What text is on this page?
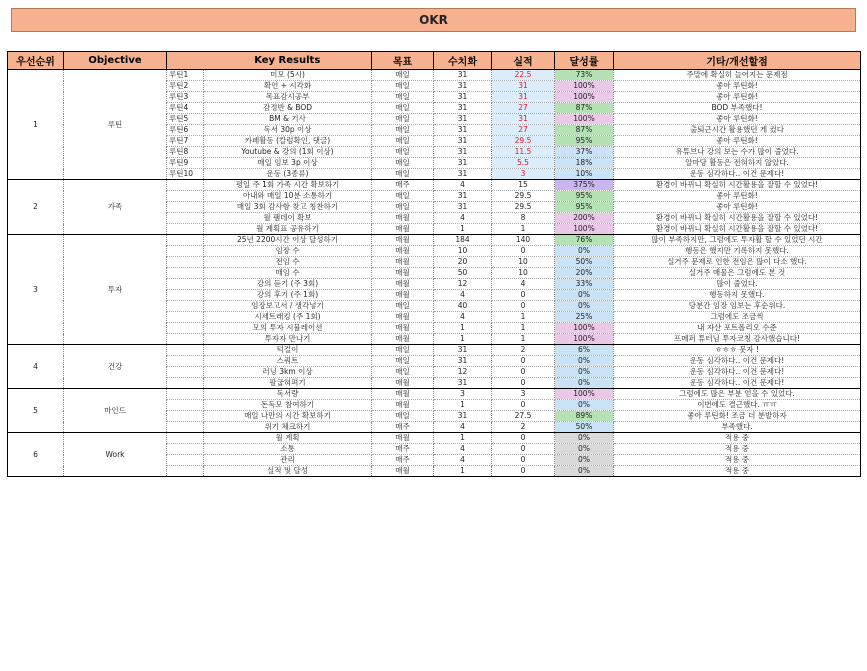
OKR
우선순위	Objective		Key Results	목표	수치화	실적	달성률	기타/개선할점
1	루틴	루틴1	미모 (5시)	매일	31	22.5	73%	주말에 확실히 늘어지는 문제점
		루틴2	확언 + 시각화	매일	31	31	100%	좋아 루틴화!
		루틴3	목표감시공부	매일	31	31	100%	좋아 루틴화!
		루틴4	감정반 & BOD	매일	31	27	87%	BOD 부족했다!
		루틴5	BM & 기사	매일	31	31	100%	좋아 루틴화!
		루틴6	독서 30p 이상	매일	31	27	87%	출퇴근시간 활용했던 게 컸다
		루틴7	카페활동 (칼럼확인, 댓글)	매일	31	29.5	95%	좋아 루틴화!
		루틴8	Youtube & 강의 (1회 이상)	매일	31	11.5	37%	유튜브나 강의 보는 수가 많이 줄었다.
		루틴9	매일 임보 3p 이상	매일	31	5.5	18%	알마당 활동은 전혀하지 않았다.
		루틴10	운동 (3종류)	매일	31	3	10%	운동 심각하다.. 이건 문제다!
2	가족		평일 주 1회 가족 시간 확보하기	매주	4	15	375%	환경이 바뀌니 확실히 시간활용을 잘할 수 있었다!
			아내와 매일 10분 소통하기	매일	31	29.5	95%	좋아 루틴화!
			매일 3회 감사함 찾고 칭찬하기	매일	31	29.5	95%	좋아 루틴화!
			월 팸데이 확보	매월	4	8	200%	환경이 바뀌니 확실히 시간활용을 잘할 수 있었다!
			월 계획표 공유하기	매월	1	1	100%	환경이 바뀌니 확실히 시간활용을 잘할 수 있었다!
3	투자		25년 2200시간 이상 달성하기	매월	184	140	76%	많이 부족하지만, 그럼에도 투자활 할 수 있었던 시간
			임장 수	매월	10	0	0%	행동은 했지만 기록하지 못했다.
			전임 수	매월	20	10	50%	실거주 문제로 인한 전임은 많이 다소 했다.
			매임 수	매월	50	10	20%	실거주 매물은 그럼에도 본 것
			강의 듣기 (주 3회)	매월	12	4	33%	많이 줄었다.
			강의 후기 (주 1회)	매월	4	0	0%	행동하지 못했다.
			임장보고서 / 생각넣기	매일	40	0	0%	당분간 임장 임보는 후순위다.
			시세트래킹 (주 1회)	매월	4	1	25%	그럼에도 조금씩
			모의 투자 시뮬레이션	매월	1	1	100%	내 자산 포트폴리오 수준
			투자자 만나기	매월	1	1	100%	프메퍼 튜터님 투자코칭 감사했습니다!
4	건강		턱걸이	매일	31	2	6%	ㅎㅎㅎ 뭇자 !
			스쿼트	매일	31	0	0%	운동 심각하다.. 이건 문제다!
			러닝 3km 이상	매일	12	0	0%	운동 심각하다.. 이건 문제다!
			팔굽혀펴기	매월	31	0	0%	운동 심각하다.. 이건 문제다!
5	마인드		독서량	매월	3	3	100%	그럼에도 많은 부분 얻을 수 있었다.
			돈독모 참여하기	매월	1	0	0%	이번에도 결근했다. ㅠㅠ
			매일 나만의 시간 확보하기	매일	31	27.5	89%	좋아 루틴화! 조금 더 분발하자
			위기 체크하기	매주	4	2	50%	부족했다.
6	Work		월 계획	매월	1	0	0%	적용 중
			소통	매주	4	0	0%	적용 중
			관리	매주	4	0	0%	적용 중
			실적 및 달성	매월	1	0	0%	적용 중
